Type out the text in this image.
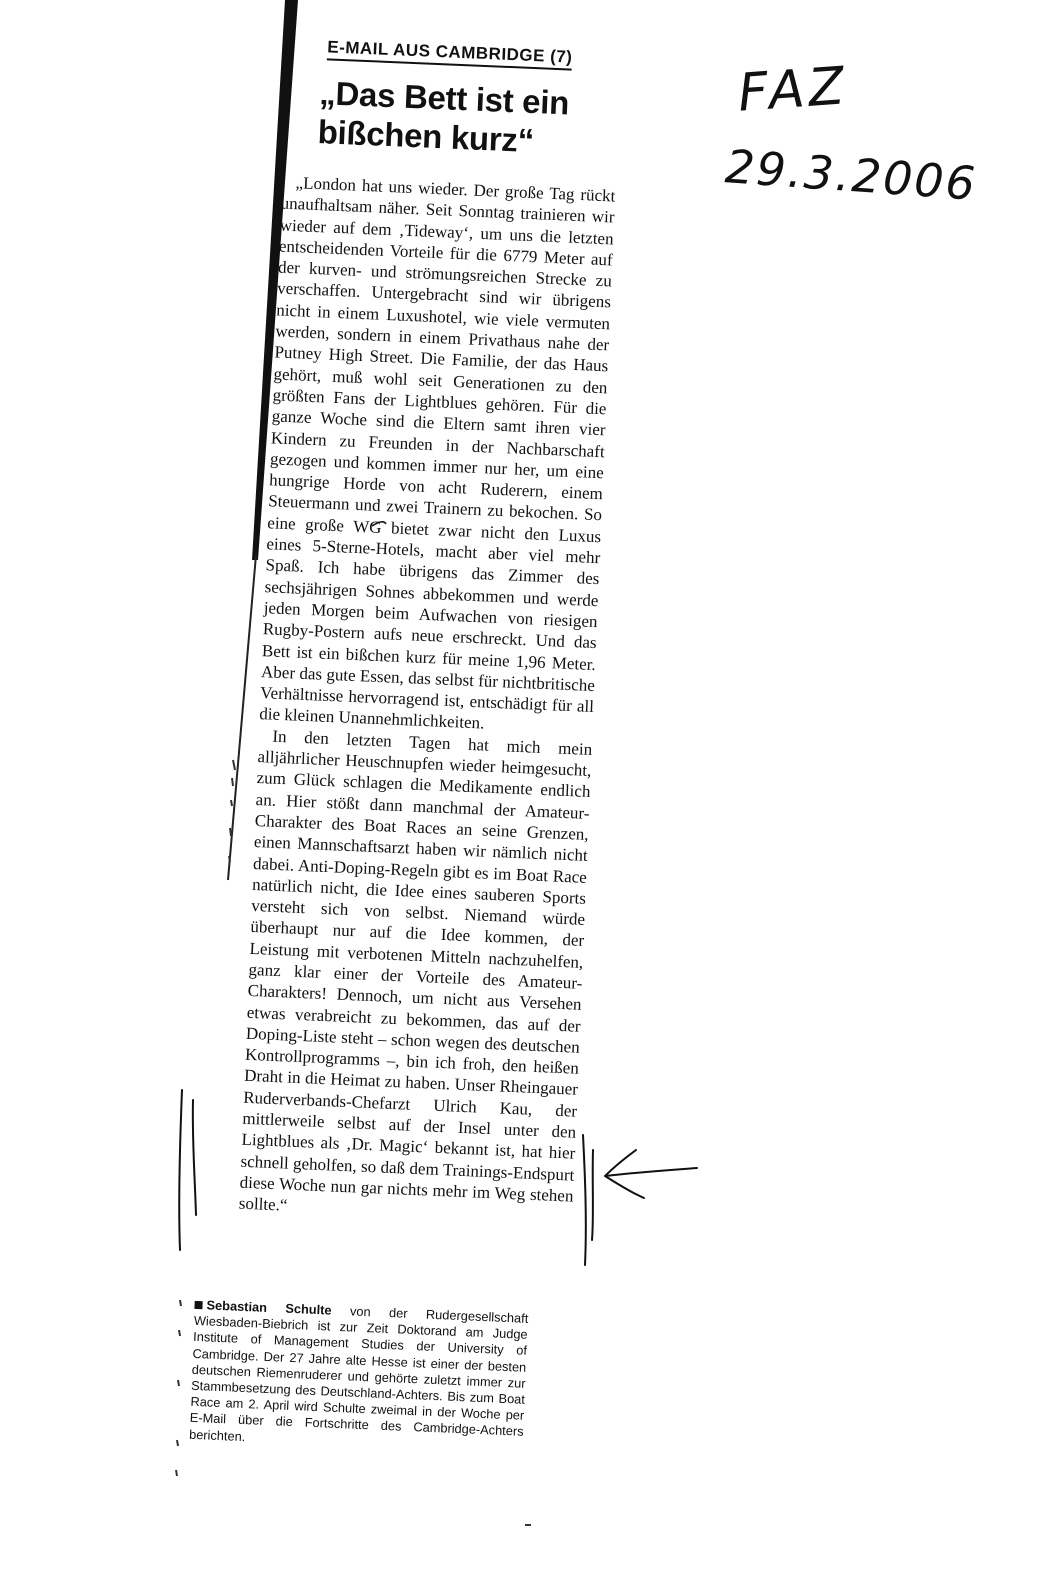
FAZ
29.3.2006
E-MAIL AUS CAMBRIDGE (7)
„Das Bett ist ein bißchen kurz“

„London hat uns wieder. Der große Tag rückt unaufhaltsam näher. Seit Sonntag trainieren wir wieder auf dem ‚Tideway‘, um uns die letzten entscheidenden Vorteile für die 6779 Meter auf der kurven- und strömungsreichen Strecke zu verschaffen. Untergebracht sind wir übrigens nicht in einem Luxushotel, wie viele vermuten werden, sondern in einem Privathaus nahe der Putney High Street. Die Familie, der das Haus gehört, muß wohl seit Generationen zu den größten Fans der Lightblues gehören. Für die ganze Woche sind die Eltern samt ihren vier Kindern zu Freunden in der Nachbarschaft gezogen und kommen immer nur her, um eine hungrige Horde von acht Ruderern, einem Steuermann und zwei Trainern zu bekochen. So eine große WG bietet zwar nicht den Luxus eines 5-Sterne-Hotels, macht aber viel mehr Spaß. Ich habe übrigens das Zimmer des sechsjährigen Sohnes abbekommen und werde jeden Morgen beim Aufwachen von riesigen Rugby-Postern aufs neue erschreckt. Und das Bett ist ein bißchen kurz für meine 1,96 Meter. Aber das gute Essen, das selbst für nichtbritische Verhältnisse hervorragend ist, entschädigt für all die kleinen Unannehmlichkeiten.

In den letzten Tagen hat mich mein alljährlicher Heuschnupfen wieder heimgesucht, zum Glück schlagen die Medikamente endlich an. Hier stößt dann manchmal der Amateur-Charakter des Boat Races an seine Grenzen, einen Mannschaftsarzt haben wir nämlich nicht dabei. Anti-Doping-Regeln gibt es im Boat Race natürlich nicht, die Idee eines sauberen Sports versteht sich von selbst. Niemand würde überhaupt nur auf die Idee kommen, der Leistung mit verbotenen Mitteln nachzuhelfen, ganz klar einer der Vorteile des Amateur-Charakters! Dennoch, um nicht aus Versehen etwas verabreicht zu bekommen, das auf der Doping-Liste steht – schon wegen des deutschen Kontrollprogramms –, bin ich froh, den heißen Draht in die Heimat zu haben. Unser Rheingauer Ruderverbands-Chefarzt Ulrich Kau, der mittlerweile selbst auf der Insel unter den Lightblues als ‚Dr. Magic‘ bekannt ist, hat hier schnell geholfen, so daß dem Trainings-Endspurt diese Woche nun gar nichts mehr im Weg stehen sollte.“

Sebastian Schulte von der Rudergesellschaft Wiesbaden-Biebrich ist zur Zeit Doktorand am Judge Institute of Management Studies der University of Cambridge. Der 27 Jahre alte Hesse ist einer der besten deutschen Riemenruderer und gehörte zuletzt immer zur Stammbesetzung des Deutschland-Achters. Bis zum Boat Race am 2. April wird Schulte zweimal in der Woche per E-Mail über die Fortschritte des Cambridge-Achters berichten.
